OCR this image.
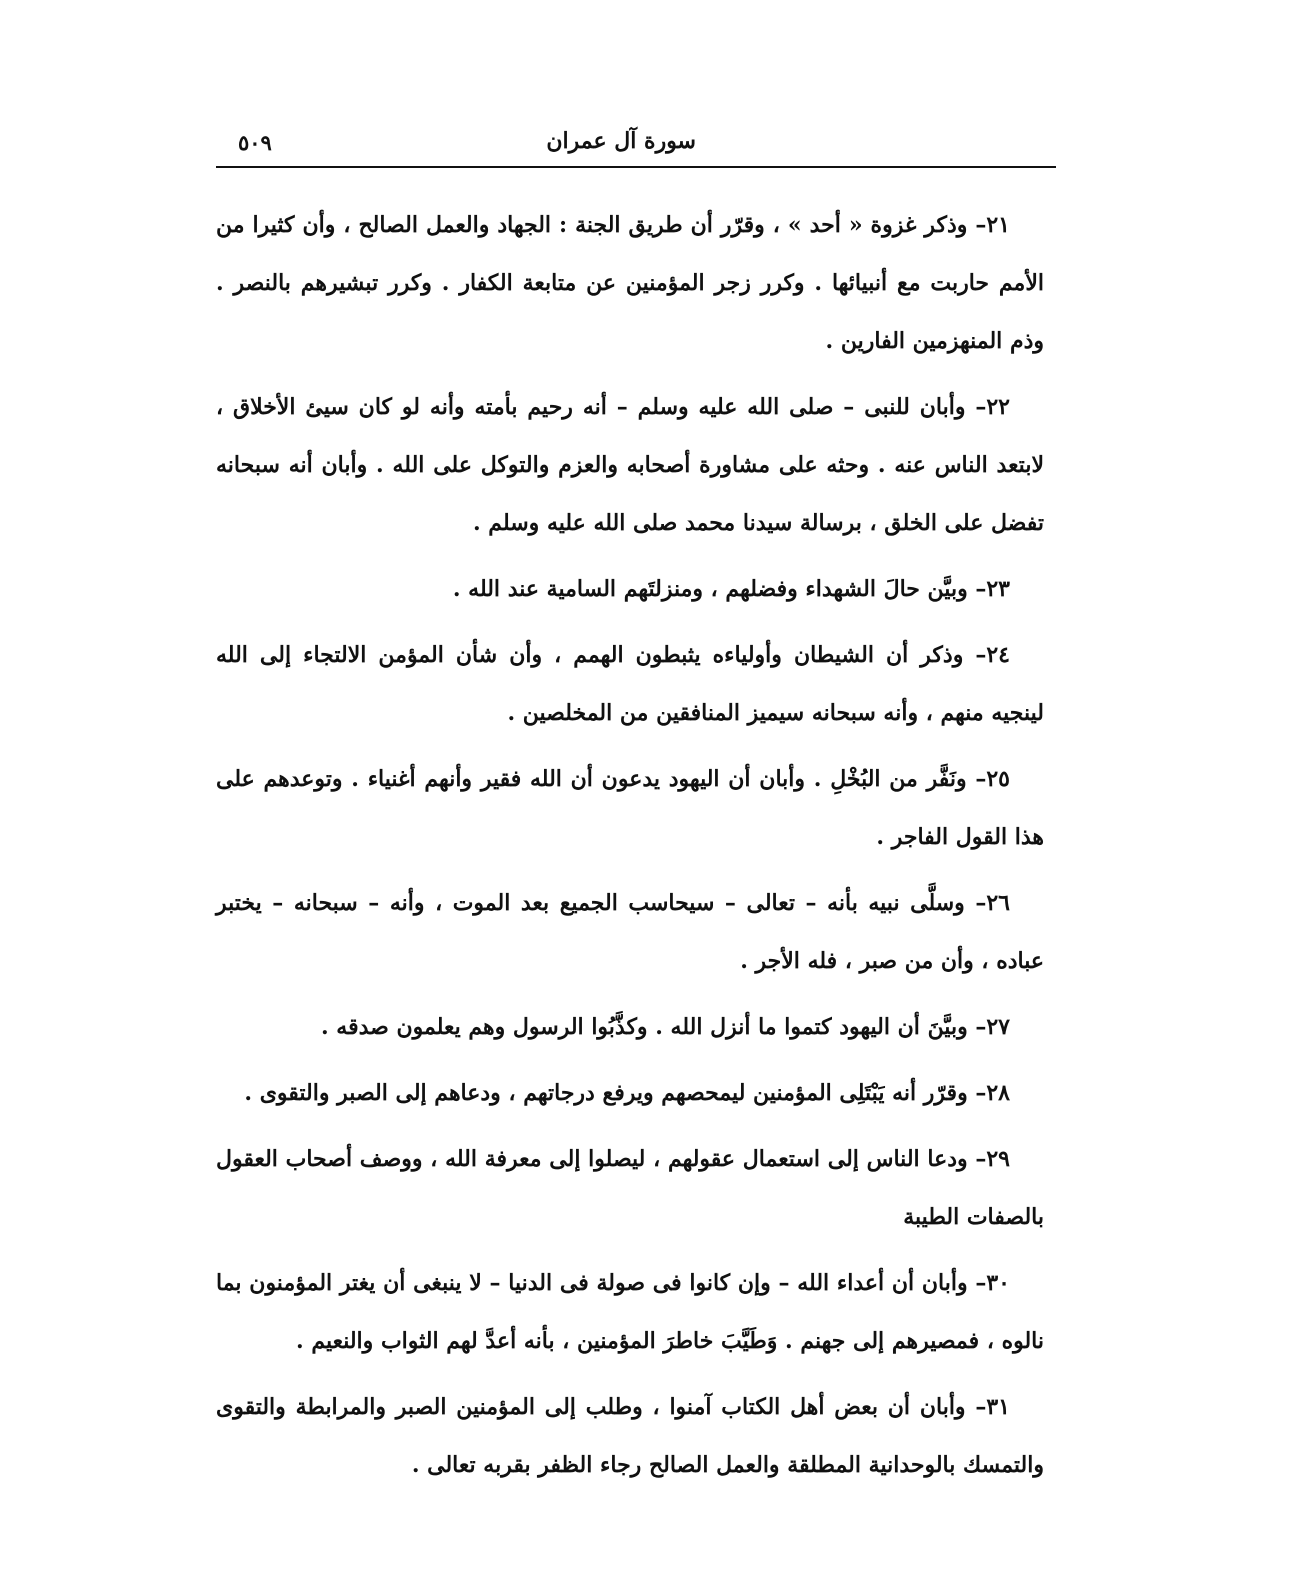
سورة آل عمران
٥٠٩

٢١– وذكر غزوة « أحد » ، وقرّر أن طريق الجنة : الجهاد والعمل الصالح ، وأن كثيرا من الأمم حاربت مع أنبيائها . وكرر زجر المؤمنين عن متابعة الكفار . وكرر تبشيرهم بالنصر . وذم المنهزمين الفارين .

٢٢– وأبان للنبى – صلى الله عليه وسلم – أنه رحيم بأمته وأنه لو كان سيئ الأخلاق ، لابتعد الناس عنه . وحثه على مشاورة أصحابه والعزم والتوكل على الله . وأبان أنه سبحانه تفضل على الخلق ، برسالة سيدنا محمد صلى الله عليه وسلم .

٢٣– وبيَّن حالَ الشهداء وفضلهم ، ومنزلتَهم السامية عند الله .

٢٤– وذكر أن الشيطان وأولياءه يثبطون الهمم ، وأن شأن المؤمن الالتجاء إلى الله لينجيه منهم ، وأنه سبحانه سيميز المنافقين من المخلصين .

٢٥– ونَفَّر من البُخْلِ . وأبان أن اليهود يدعون أن الله فقير وأنهم أغنياء . وتوعدهم على هذا القول الفاجر .

٢٦– وسلَّى نبيه بأنه – تعالى – سيحاسب الجميع بعد الموت ، وأنه – سبحانه – يختبر عباده ، وأن من صبر ، فله الأجر .

٢٧– وبيَّنَ أن اليهود كتموا ما أنزل الله . وكذَّبُوا الرسول وهم يعلمون صدقه .

٢٨– وقرّر أنه يَبْتَلِى المؤمنين ليمحصهم ويرفع درجاتهم ، ودعاهم إلى الصبر والتقوى .

٢٩– ودعا الناس إلى استعمال عقولهم ، ليصلوا إلى معرفة الله ، ووصف أصحاب العقول بالصفات الطيبة

٣٠– وأبان أن أعداء الله – وإن كانوا فى صولة فى الدنيا – لا ينبغى أن يغتر المؤمنون بما نالوه ، فمصيرهم إلى جهنم . وَطَيَّبَ خاطرَ المؤمنين ، بأنه أعدَّ لهم الثواب والنعيم .

٣١– وأبان أن بعض أهل الكتاب آمنوا ، وطلب إلى المؤمنين الصبر والمرابطة والتقوى والتمسك بالوحدانية المطلقة والعمل الصالح رجاء الظفر بقربه تعالى .
